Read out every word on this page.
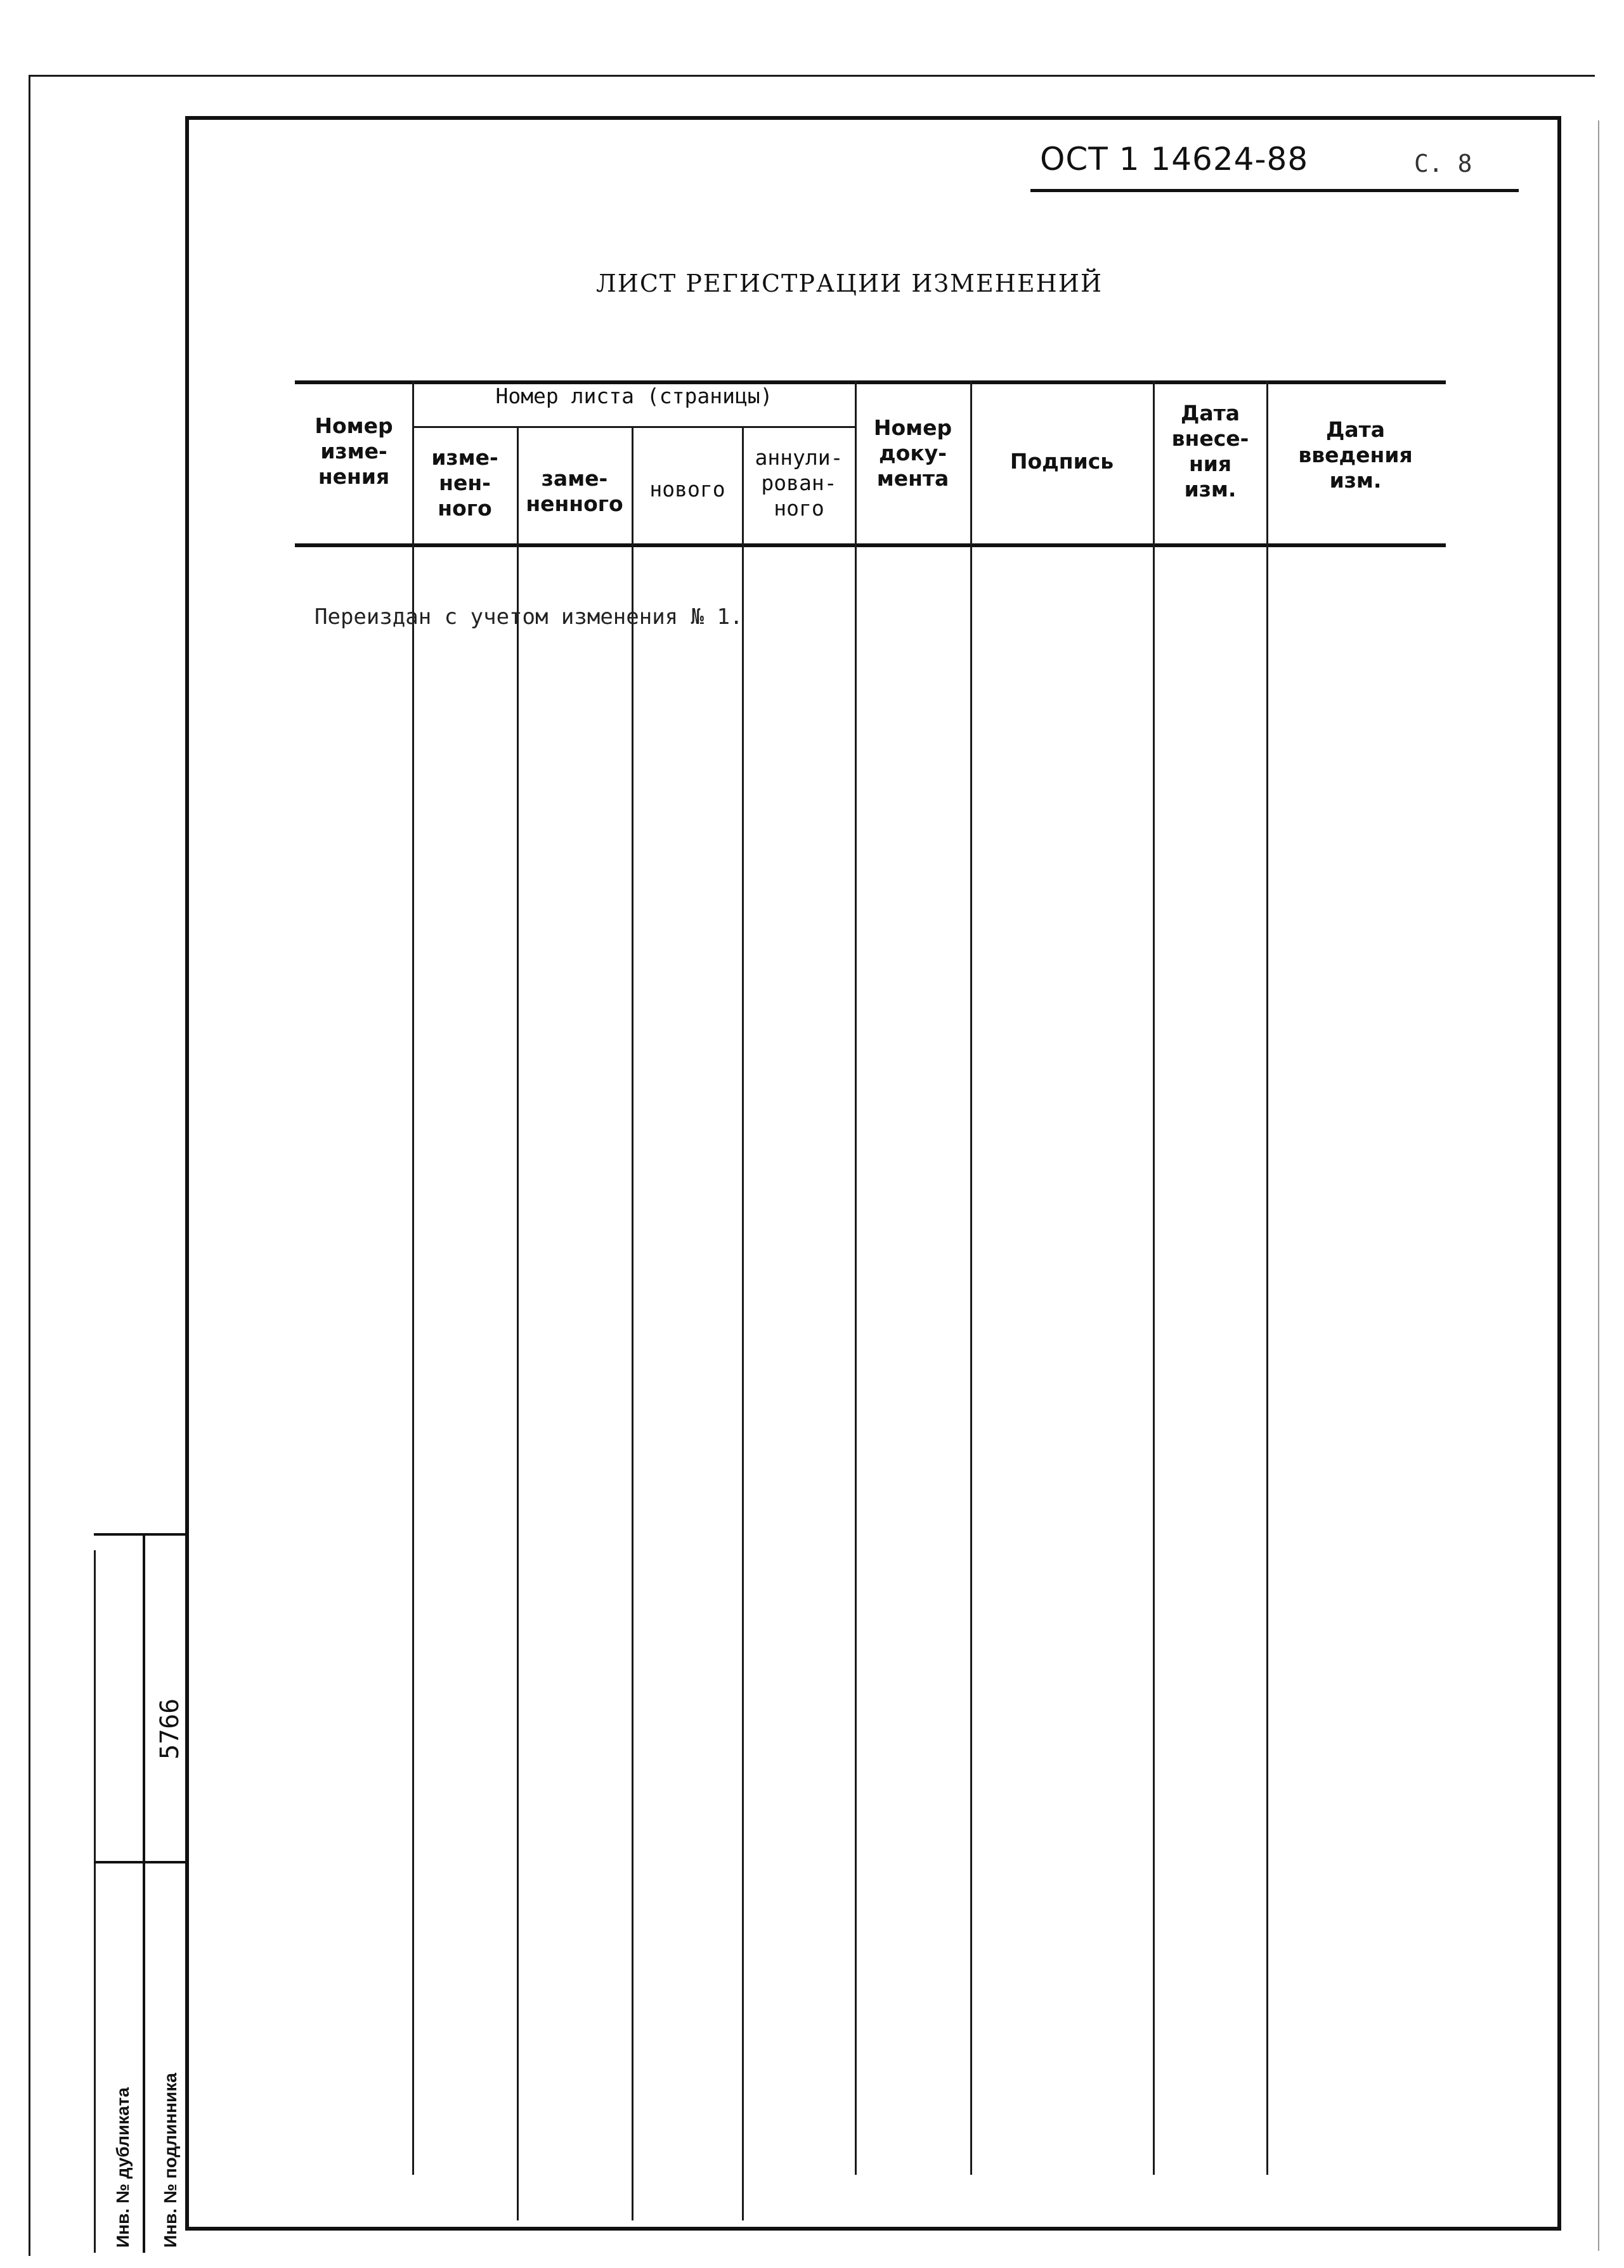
ОСТ 1 14624-88	С. 8
ЛИСТ РЕГИСТРАЦИИ ИЗМЕНЕНИЙ
Номер листа (страницы)
Номер
изме-
нения
изме-
нен-
ного
заме-
ненного
нового
аннули-
рован-
ного
Номер
доку-
мента
Подпись
Дата
внесе-
ния
изм.
Дата
введения
изм.
Переиздан с учетом изменения № 1.
5766
Инв. № дубликата Инв. № подлинника
